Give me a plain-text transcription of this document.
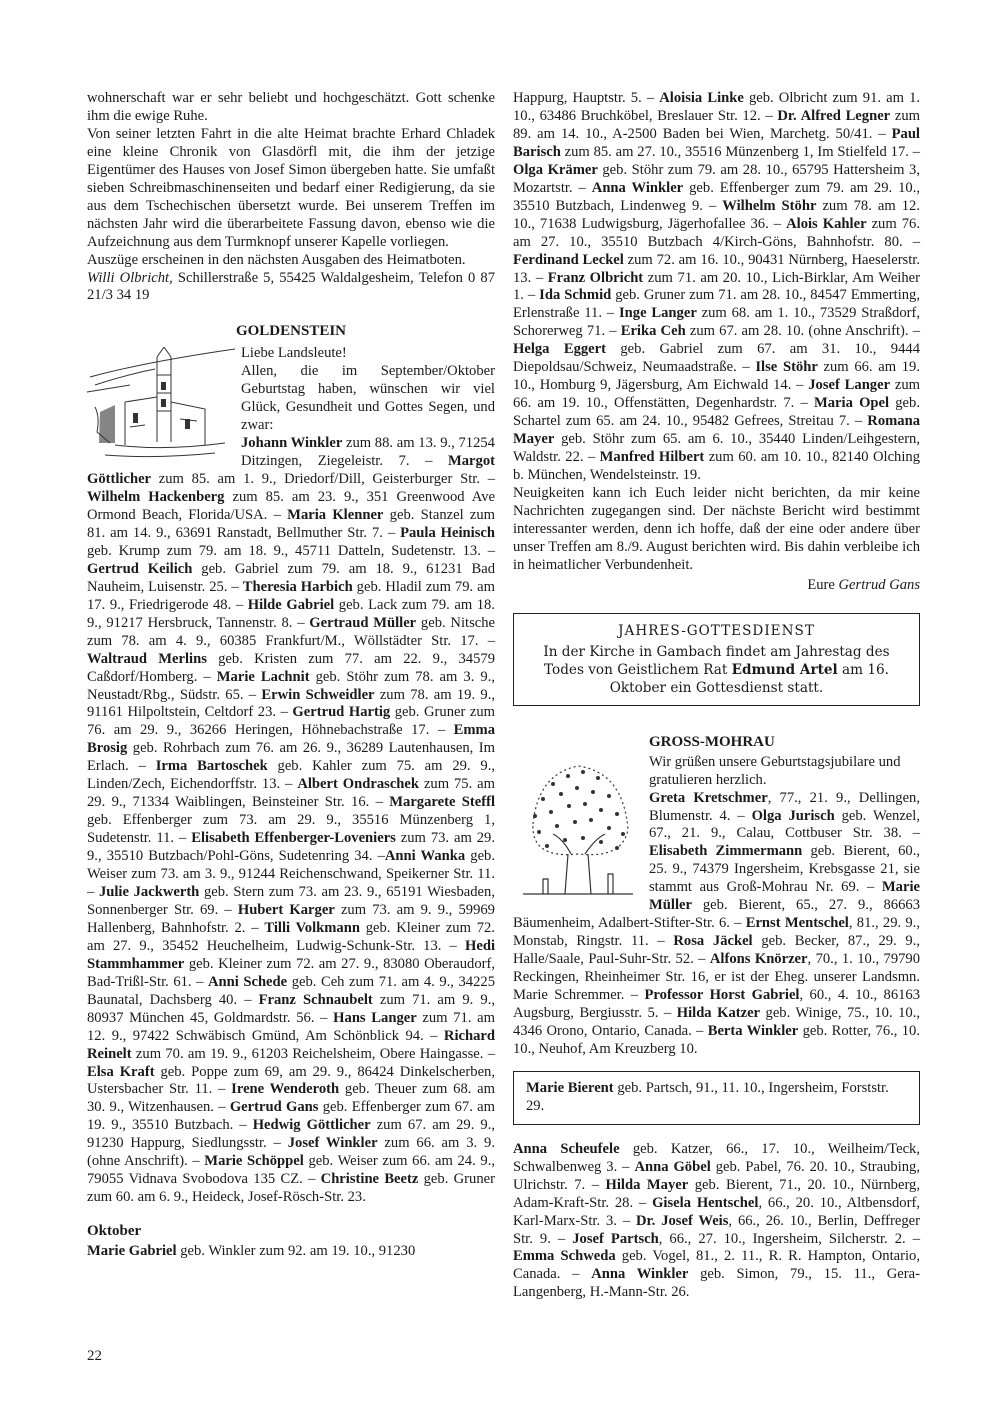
wohnerschaft war er sehr beliebt und hochgeschätzt. Gott schenke ihm die ewige Ruhe.

Von seiner letzten Fahrt in die alte Heimat brachte Erhard Chladek eine kleine Chronik von Glasdörfl mit, die ihm der jetzige Eigentümer des Hauses von Josef Simon übergeben hatte. Sie umfaßt sieben Schreibmaschinenseiten und bedarf einer Redigierung, da sie aus dem Tschechischen übersetzt wurde. Bei unserem Treffen im nächsten Jahr wird die überarbeitete Fassung davon, ebenso wie die Aufzeichnung aus dem Turmknopf unserer Kapelle vorliegen.

Auszüge erscheinen in den nächsten Ausgaben des Heimatboten.

Willi Olbricht, Schillerstraße 5, 55425 Waldalgesheim, Telefon 0 87 21/3 34 19

GOLDENSTEIN

Liebe Landsleute!

Allen, die im September/Oktober Geburtstag haben, wünschen wir viel Glück, Gesundheit und Gottes Segen, und zwar:

Johann Winkler zum 88. am 13. 9., 71254 Ditzingen, Ziegeleistr. 7. – Margot Göttlicher zum 85. am 1. 9., Driedorf/Dill, Geisterburger Str. – Wilhelm Hackenberg zum 85. am 23. 9., 351 Greenwood Ave Ormond Beach, Florida/USA. – Maria Klenner geb. Stanzel zum 81. am 14. 9., 63691 Ranstadt, Bellmuther Str. 7. – Paula Heinisch geb. Krump zum 79. am 18. 9., 45711 Datteln, Sudetenstr. 13. – Gertrud Keilich geb. Gabriel zum 79. am 18. 9., 61231 Bad Nauheim, Luisenstr. 25. – Theresia Harbich geb. Hladil zum 79. am 17. 9., Friedrigerode 48. – Hilde Gabriel geb. Lack zum 79. am 18. 9., 91217 Hersbruck, Tannenstr. 8. – Gertraud Müller geb. Nitsche zum 78. am 4. 9., 60385 Frankfurt/M., Wöllstädter Str. 17. – Waltraud Merlins geb. Kristen zum 77. am 22. 9., 34579 Caßdorf/Homberg. – Marie Lachnit geb. Stöhr zum 78. am 3. 9., Neustadt/Rbg., Südstr. 65. – Erwin Schweidler zum 78. am 19. 9., 91161 Hilpoltstein, Celtdorf 23. – Gertrud Hartig geb. Gruner zum 76. am 29. 9., 36266 Heringen, Höhnebachstraße 17. – Emma Brosig geb. Rohrbach zum 76. am 26. 9., 36289 Lautenhausen, Im Erlach. – Irma Bartoschek geb. Kahler zum 75. am 29. 9., Linden/Zech, Eichendorffstr. 13. – Albert Ondraschek zum 75. am 29. 9., 71334 Waiblingen, Beinsteiner Str. 16. – Margarete Steffl geb. Effenberger zum 73. am 29. 9., 35516 Münzenberg 1, Sudetenstr. 11. – Elisabeth Effenberger-Loveniers zum 73. am 29. 9., 35510 Butzbach/Pohl-Göns, Sudetenring 34. –Anni Wanka geb. Weiser zum 73. am 3. 9., 91244 Reichenschwand, Speikerner Str. 11. – Julie Jackwerth geb. Stern zum 73. am 23. 9., 65191 Wiesbaden, Sonnenberger Str. 69. – Hubert Karger zum 73. am 9. 9., 59969 Hallenberg, Bahnhofstr. 2. – Tilli Volkmann geb. Kleiner zum 72. am 27. 9., 35452 Heuchelheim, Ludwig-Schunk-Str. 13. – Hedi Stammhammer geb. Kleiner zum 72. am 27. 9., 83080 Oberaudorf, Bad-Trißl-Str. 61. – Anni Schede geb. Ceh zum 71. am 4. 9., 34225 Baunatal, Dachsberg 40. – Franz Schnaubelt zum 71. am 9. 9., 80937 München 45, Goldmardstr. 56. – Hans Langer zum 71. am 12. 9., 97422 Schwäbisch Gmünd, Am Schönblick 94. – Richard Reinelt zum 70. am 19. 9., 61203 Reichelsheim, Obere Haingasse. – Elsa Kraft geb. Poppe zum 69, am 29. 9., 86424 Dinkelscherben, Ustersbacher Str. 11. – Irene Wenderoth geb. Theuer zum 68. am 30. 9., Witzenhausen. – Gertrud Gans geb. Effenberger zum 67. am 19. 9., 35510 Butzbach. – Hedwig Göttlicher zum 67. am 29. 9., 91230 Happurg, Siedlungsstr. – Josef Winkler zum 66. am 3. 9. (ohne Anschrift). – Marie Schöppel geb. Weiser zum 66. am 24. 9., 79055 Vidnava Svobodova 135 CZ. – Christine Beetz geb. Gruner zum 60. am 6. 9., Heideck, Josef-Rösch-Str. 23.

Oktober

Marie Gabriel geb. Winkler zum 92. am 19. 10., 91230

Happurg, Hauptstr. 5. – Aloisia Linke geb. Olbricht zum 91. am 1. 10., 63486 Bruchköbel, Breslauer Str. 12. – Dr. Alfred Legner zum 89. am 14. 10., A-2500 Baden bei Wien, Marchetg. 50/41. – Paul Barisch zum 85. am 27. 10., 35516 Münzenberg 1, Im Stielfeld 17. – Olga Krämer geb. Stöhr zum 79. am 28. 10., 65795 Hattersheim 3, Mozartstr. – Anna Winkler geb. Effenberger zum 79. am 29. 10., 35510 Butzbach, Lindenweg 9. – Wilhelm Stöhr zum 78. am 12. 10., 71638 Ludwigsburg, Jägerhofallee 36. – Alois Kahler zum 76. am 27. 10., 35510 Butzbach 4/Kirch-Göns, Bahnhofstr. 80. – Ferdinand Leckel zum 72. am 16. 10., 90431 Nürnberg, Haeselerstr. 13. – Franz Olbricht zum 71. am 20. 10., Lich-Birklar, Am Weiher 1. – Ida Schmid geb. Gruner zum 71. am 28. 10., 84547 Emmerting, Erlenstraße 11. – Inge Langer zum 68. am 1. 10., 73529 Straßdorf, Schorerweg 71. – Erika Ceh zum 67. am 28. 10. (ohne Anschrift). – Helga Eggert geb. Gabriel zum 67. am 31. 10., 9444 Diepoldsau/Schweiz, Neumaadstraße. – Ilse Stöhr zum 66. am 19. 10., Homburg 9, Jägersburg, Am Eichwald 14. – Josef Langer zum 66. am 19. 10., Offenstätten, Degenhardstr. 7. – Maria Opel geb. Schartel zum 65. am 24. 10., 95482 Gefrees, Streitau 7. – Romana Mayer geb. Stöhr zum 65. am 6. 10., 35440 Linden/Leihgestern, Waldstr. 22. – Manfred Hilbert zum 60. am 10. 10., 82140 Olching b. München, Wendelsteinstr. 19.

Neuigkeiten kann ich Euch leider nicht berichten, da mir keine Nachrichten zugegangen sind. Der nächste Bericht wird bestimmt interessanter werden, denn ich hoffe, daß der eine oder andere über unser Treffen am 8./9. August berichten wird. Bis dahin verbleibe ich in heimatlicher Verbundenheit.

Eure Gertrud Gans
JAHRES-GOTTESDIENST
In der Kirche in Gambach findet am Jahrestag des Todes von Geistlichem Rat Edmund Artel am 16. Oktober ein Gottesdienst statt.
GROSS-MOHRAU

Wir grüßen unsere Geburtstagsjubilare und gratulieren herzlich.

Greta Kretschmer, 77., 21. 9., Dellingen, Blumenstr. 4. – Olga Jurisch geb. Wenzel, 67., 21. 9., Calau, Cottbuser Str. 38. – Elisabeth Zimmermann geb. Bierent, 60., 25. 9., 74379 Ingersheim, Krebsgasse 21, sie stammt aus Groß-Mohrau Nr. 69. – Marie Müller geb. Bierent, 65., 27. 9., 86663 Bäumenheim, Adalbert-Stifter-Str. 6. – Ernst Mentschel, 81., 29. 9., Monstab, Ringstr. 11. – Rosa Jäckel geb. Becker, 87., 29. 9., Halle/Saale, Paul-Suhr-Str. 52. – Alfons Knörzer, 70., 1. 10., 79790 Reckingen, Rheinheimer Str. 16, er ist der Eheg. unserer Landsmn. Marie Schremmer. – Professor Horst Gabriel, 60., 4. 10., 86163 Augsburg, Bergiusstr. 5. – Hilda Katzer geb. Winige, 75., 10. 10., 4346 Orono, Ontario, Canada. – Berta Winkler geb. Rotter, 76., 10. 10., Neuhof, Am Kreuzberg 10.

Marie Bierent geb. Partsch, 91., 11. 10., Ingersheim, Forststr. 29.

Anna Scheufele geb. Katzer, 66., 17. 10., Weilheim/Teck, Schwalbenweg 3. – Anna Göbel geb. Pabel, 76. 20. 10., Straubing, Ulrichstr. 7. – Hilda Mayer geb. Bierent, 71., 20. 10., Nürnberg, Adam-Kraft-Str. 28. – Gisela Hentschel, 66., 20. 10., Altbensdorf, Karl-Marx-Str. 3. – Dr. Josef Weis, 66., 26. 10., Berlin, Deffreger Str. 9. – Josef Partsch, 66., 27. 10., Ingersheim, Silcherstr. 2. – Emma Schweda geb. Vogel, 81., 2. 11., R. R. Hampton, Ontario, Canada. – Anna Winkler geb. Simon, 79., 15. 11., Gera-Langenberg, H.-Mann-Str. 26.

22
